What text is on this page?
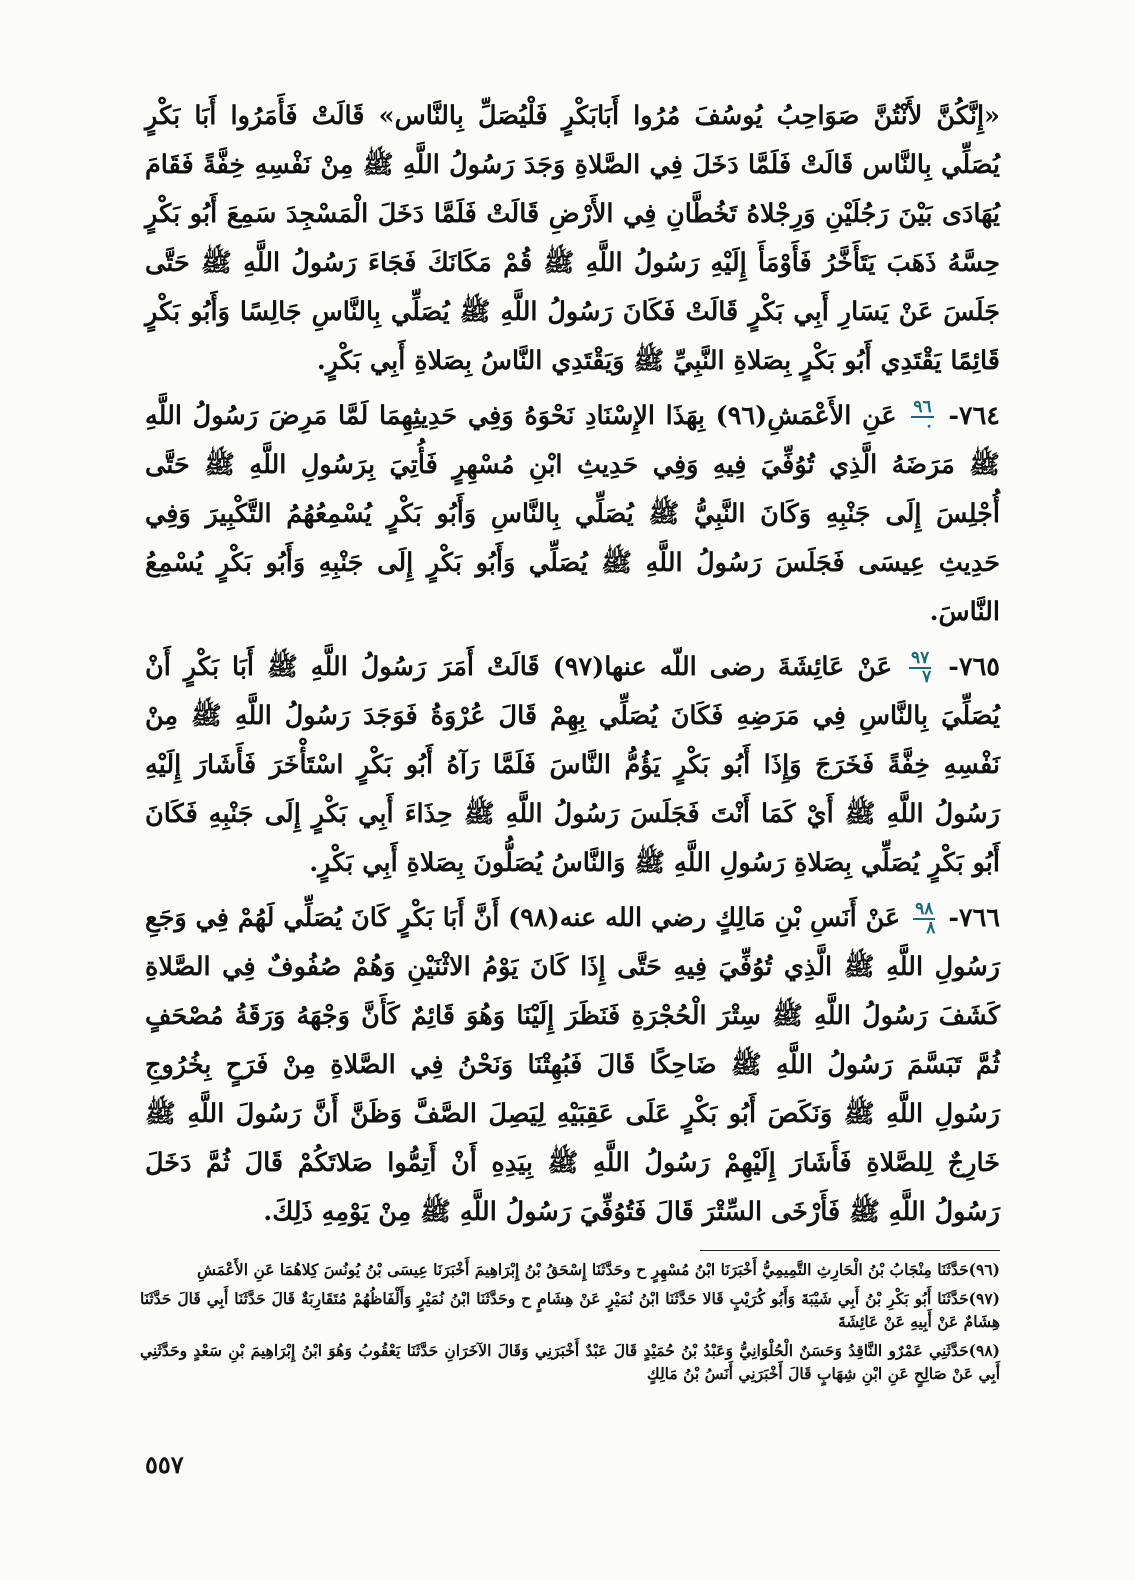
«إِنَّكُنَّ لأَنْتُنَّ صَوَاحِبُ يُوسُفَ مُرُوا أَبَابَكْرٍ فَلْيُصَلِّ بِالنَّاس» قَالَتْ فَأَمَرُوا أَبَا بَكْرٍ يُصَلِّي بِالنَّاس قَالَتْ فَلَمَّا دَخَلَ فِي الصَّلاةِ وَجَدَ رَسُولُ اللَّهِ ﷺ مِنْ نَفْسِهِ خِفَّةً فَقَامَ يُهَادَى بَيْنَ رَجُلَيْنِ وَرِجْلاهُ تَخُطَّانِ فِي الأَرْضِ قَالَتْ فَلَمَّا دَخَلَ الْمَسْجِدَ سَمِعَ أَبُو بَكْرٍ حِسَّهُ ذَهَبَ يَتَأَخَّرُ فَأَوْمَأَ إِلَيْهِ رَسُولُ اللَّهِ ﷺ قُمْ مَكَانَكَ فَجَاءَ رَسُولُ اللَّهِ ﷺ حَتَّى جَلَسَ عَنْ يَسَارِ أَبِي بَكْرٍ قَالَتْ فَكَانَ رَسُولُ اللَّهِ ﷺ يُصَلِّي بِالنَّاسِ جَالِسًا وَأَبُو بَكْرٍ قَائِمًا يَقْتَدِي أَبُو بَكْرٍ بِصَلاةِ النَّبِيِّ ﷺ وَيَقْتَدِي النَّاسُ بِصَلاةِ أَبِي بَكْرٍ.

٧٦٤-
$\frac{٩٦}{٠}$
عَنِ الأَعْمَشِ(٩٦) بِهَذَا الإِسْنَادِ نَحْوَهُ وَفِي حَدِيثِهِمَا لَمَّا مَرِضَ رَسُولُ اللَّهِ ﷺ مَرَضَهُ الَّذِي تُوُفِّيَ فِيهِ وَفِي حَدِيثِ ابْنِ مُسْهِرٍ فَأُتِيَ بِرَسُولِ اللَّهِ ﷺ حَتَّى أُجْلِسَ إِلَى جَنْبِهِ وَكَانَ النَّبِيُّ ﷺ يُصَلِّي بِالنَّاسِ وَأَبُو بَكْرٍ يُسْمِعُهُمُ التَّكْبِيرَ وَفِي حَدِيثِ عِيسَى فَجَلَسَ رَسُولُ اللَّهِ ﷺ يُصَلِّي وَأَبُو بَكْرٍ إِلَى جَنْبِهِ وَأَبُو بَكْرٍ يُسْمِعُ النَّاسَ.

٧٦٥-
$\frac{٩٧}{٧}$
عَنْ عَائِشَةَ رضى اللّه عنها(٩٧) قَالَتْ أَمَرَ رَسُولُ اللَّهِ ﷺ أَبَا بَكْرٍ أَنْ يُصَلِّيَ بِالنَّاسِ فِي مَرَضِهِ فَكَانَ يُصَلِّي بِهِمْ قَالَ عُرْوَةُ فَوَجَدَ رَسُولُ اللَّهِ ﷺ مِنْ نَفْسِهِ خِفَّةً فَخَرَجَ وَإِذَا أَبُو بَكْرٍ يَؤُمُّ النَّاسَ فَلَمَّا رَآهُ أَبُو بَكْرٍ اسْتَأْخَرَ فَأَشَارَ إِلَيْهِ رَسُولُ اللَّهِ ﷺ أَيْ كَمَا أَنْتَ فَجَلَسَ رَسُولُ اللَّهِ ﷺ حِذَاءَ أَبِي بَكْرٍ إِلَى جَنْبِهِ فَكَانَ أَبُو بَكْرٍ يُصَلِّي بِصَلاةِ رَسُولِ اللَّهِ ﷺ وَالنَّاسُ يُصَلُّونَ بِصَلاةِ أَبِي بَكْرٍ.

٧٦٦-
$\frac{٩٨}{٨}$
عَنْ أَنَسِ بْنِ مَالِكٍ رضي الله عنه(٩٨) أَنَّ أَبَا بَكْرٍ كَانَ يُصَلِّي لَهُمْ فِي وَجَعِ رَسُولِ اللَّهِ ﷺ الَّذِي تُوُفِّيَ فِيهِ حَتَّى إِذَا كَانَ يَوْمُ الاثْنَيْنِ وَهُمْ صُفُوفٌ فِي الصَّلاةِ كَشَفَ رَسُولُ اللَّهِ ﷺ سِتْرَ الْحُجْرَةِ فَنَظَرَ إِلَيْنَا وَهُوَ قَائِمٌ كَأَنَّ وَجْهَهُ وَرَقَةُ مُصْحَفٍ ثُمَّ تَبَسَّمَ رَسُولُ اللَّهِ ﷺ ضَاحِكًا قَالَ فَبُهِتْنَا وَنَحْنُ فِي الصَّلاةِ مِنْ فَرَحٍ بِخُرُوجِ رَسُولِ اللَّهِ ﷺ وَنَكَصَ أَبُو بَكْرٍ عَلَى عَقِبَيْهِ لِيَصِلَ الصَّفَّ وَظَنَّ أَنَّ رَسُولَ اللَّهِ ﷺ خَارِجٌ لِلصَّلاةِ فَأَشَارَ إِلَيْهِمْ رَسُولُ اللَّهِ ﷺ بِيَدِهِ أَنْ أَتِمُّوا صَلاتَكُمْ قَالَ ثُمَّ دَخَلَ رَسُولُ اللَّهِ ﷺ فَأَرْخَى السِّتْرَ قَالَ فَتُوُفِّيَ رَسُولُ اللَّهِ ﷺ مِنْ يَوْمِهِ ذَلِكَ.

(٩٦)حَدَّثَنَا مِنْجَابُ بْنُ الْحَارِثِ التَّمِيمِيُّ أَخْبَرَنَا ابْنُ مُسْهِرٍ ح وحَدَّثَنَا إِسْحَقُ بْنُ إِبْرَاهِيمَ أَخْبَرَنَا عِيسَى بْنُ يُونُسَ كِلاهُمَا عَنِ الأَعْمَشِ

(٩٧)حَدَّثَنَا أَبُو بَكْرِ بْنُ أَبِي شَيْبَةَ وَأَبُو كُرَيْبٍ قَالا حَدَّثَنَا ابْنُ نُمَيْرٍ عَنْ هِشَامٍ ح وحَدَّثَنَا ابْنُ نُمَيْرٍ وَأَلْفَاظُهُمْ مُتَقَارِبَةٌ قَالَ حَدَّثَنَا أَبِي قَالَ حَدَّثَنَا هِشَامٌ عَنْ أَبِيهِ عَنْ عَائِشَةَ

(٩٨)حَدَّثَنِي عَمْرٌو النَّاقِدُ وَحَسَنٌ الْحُلْوَانِيُّ وَعَبْدُ بْنُ حُمَيْدٍ قَالَ عَبْدٌ أَخْبَرَنِي وَقَالَ الآخَرَانِ حَدَّثَنَا يَعْقُوبُ وَهُوَ ابْنُ إِبْرَاهِيمَ بْنِ سَعْدٍ وحَدَّثَنِي أَبِي عَنْ صَالِحٍ عَنِ ابْنِ شِهَابٍ قَالَ أَخْبَرَنِي أَنَسُ بْنُ مَالِكٍ

٥٥٧
